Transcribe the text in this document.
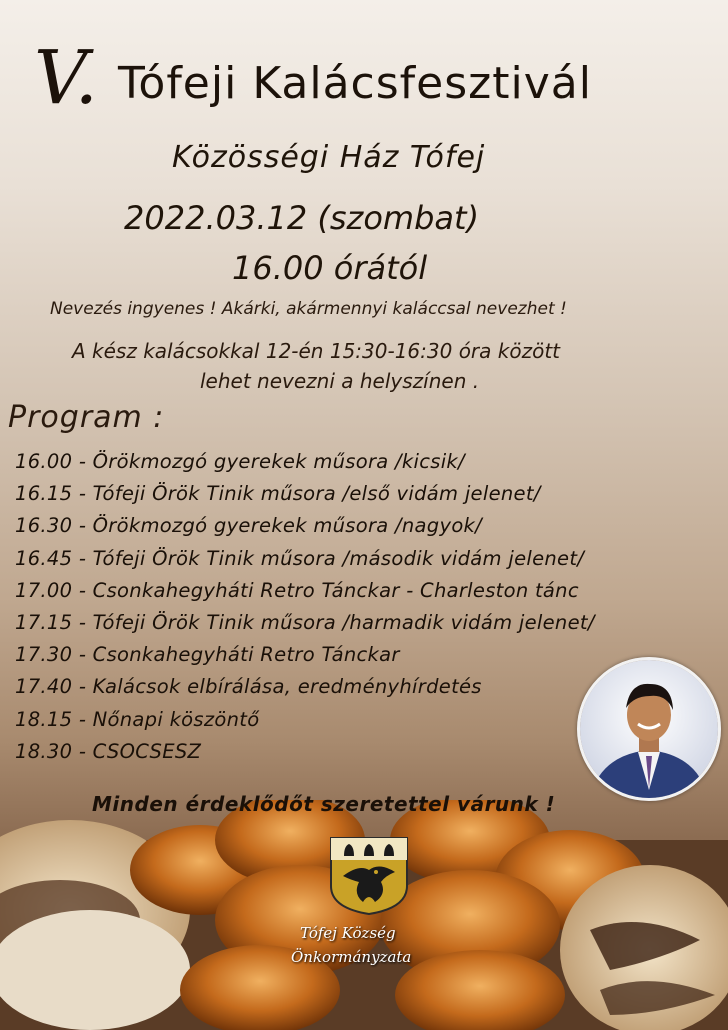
V. Tófeji Kalácsfesztivál
Közösségi Ház Tófej
2022.03.12 (szombat)
16.00 órától
Nevezés ingyenes ! Akárki, akármennyi kaláccsal nevezhet !
A kész kalácsokkal 12-én 15:30-16:30 óra között
lehet nevezni a helyszínen .
Program :
16.00 - Örökmozgó gyerekek műsora /kicsik/
16.15 - Tófeji Örök Tinik műsora /első vidám jelenet/
16.30 - Örökmozgó gyerekek műsora /nagyok/
16.45 - Tófeji Örök Tinik műsora /második vidám jelenet/
17.00 - Csonkahegyháti Retro Tánckar - Charleston tánc
17.15 - Tófeji Örök Tinik műsora /harmadik vidám jelenet/
17.30 - Csonkahegyháti Retro Tánckar
17.40 - Kalácsok elbírálása, eredményhírdetés
18.15 - Nőnapi köszöntő
18.30 - CSOCSESZ
Minden érdeklődőt szeretettel várunk !
Tófej Község
Önkormányzata
